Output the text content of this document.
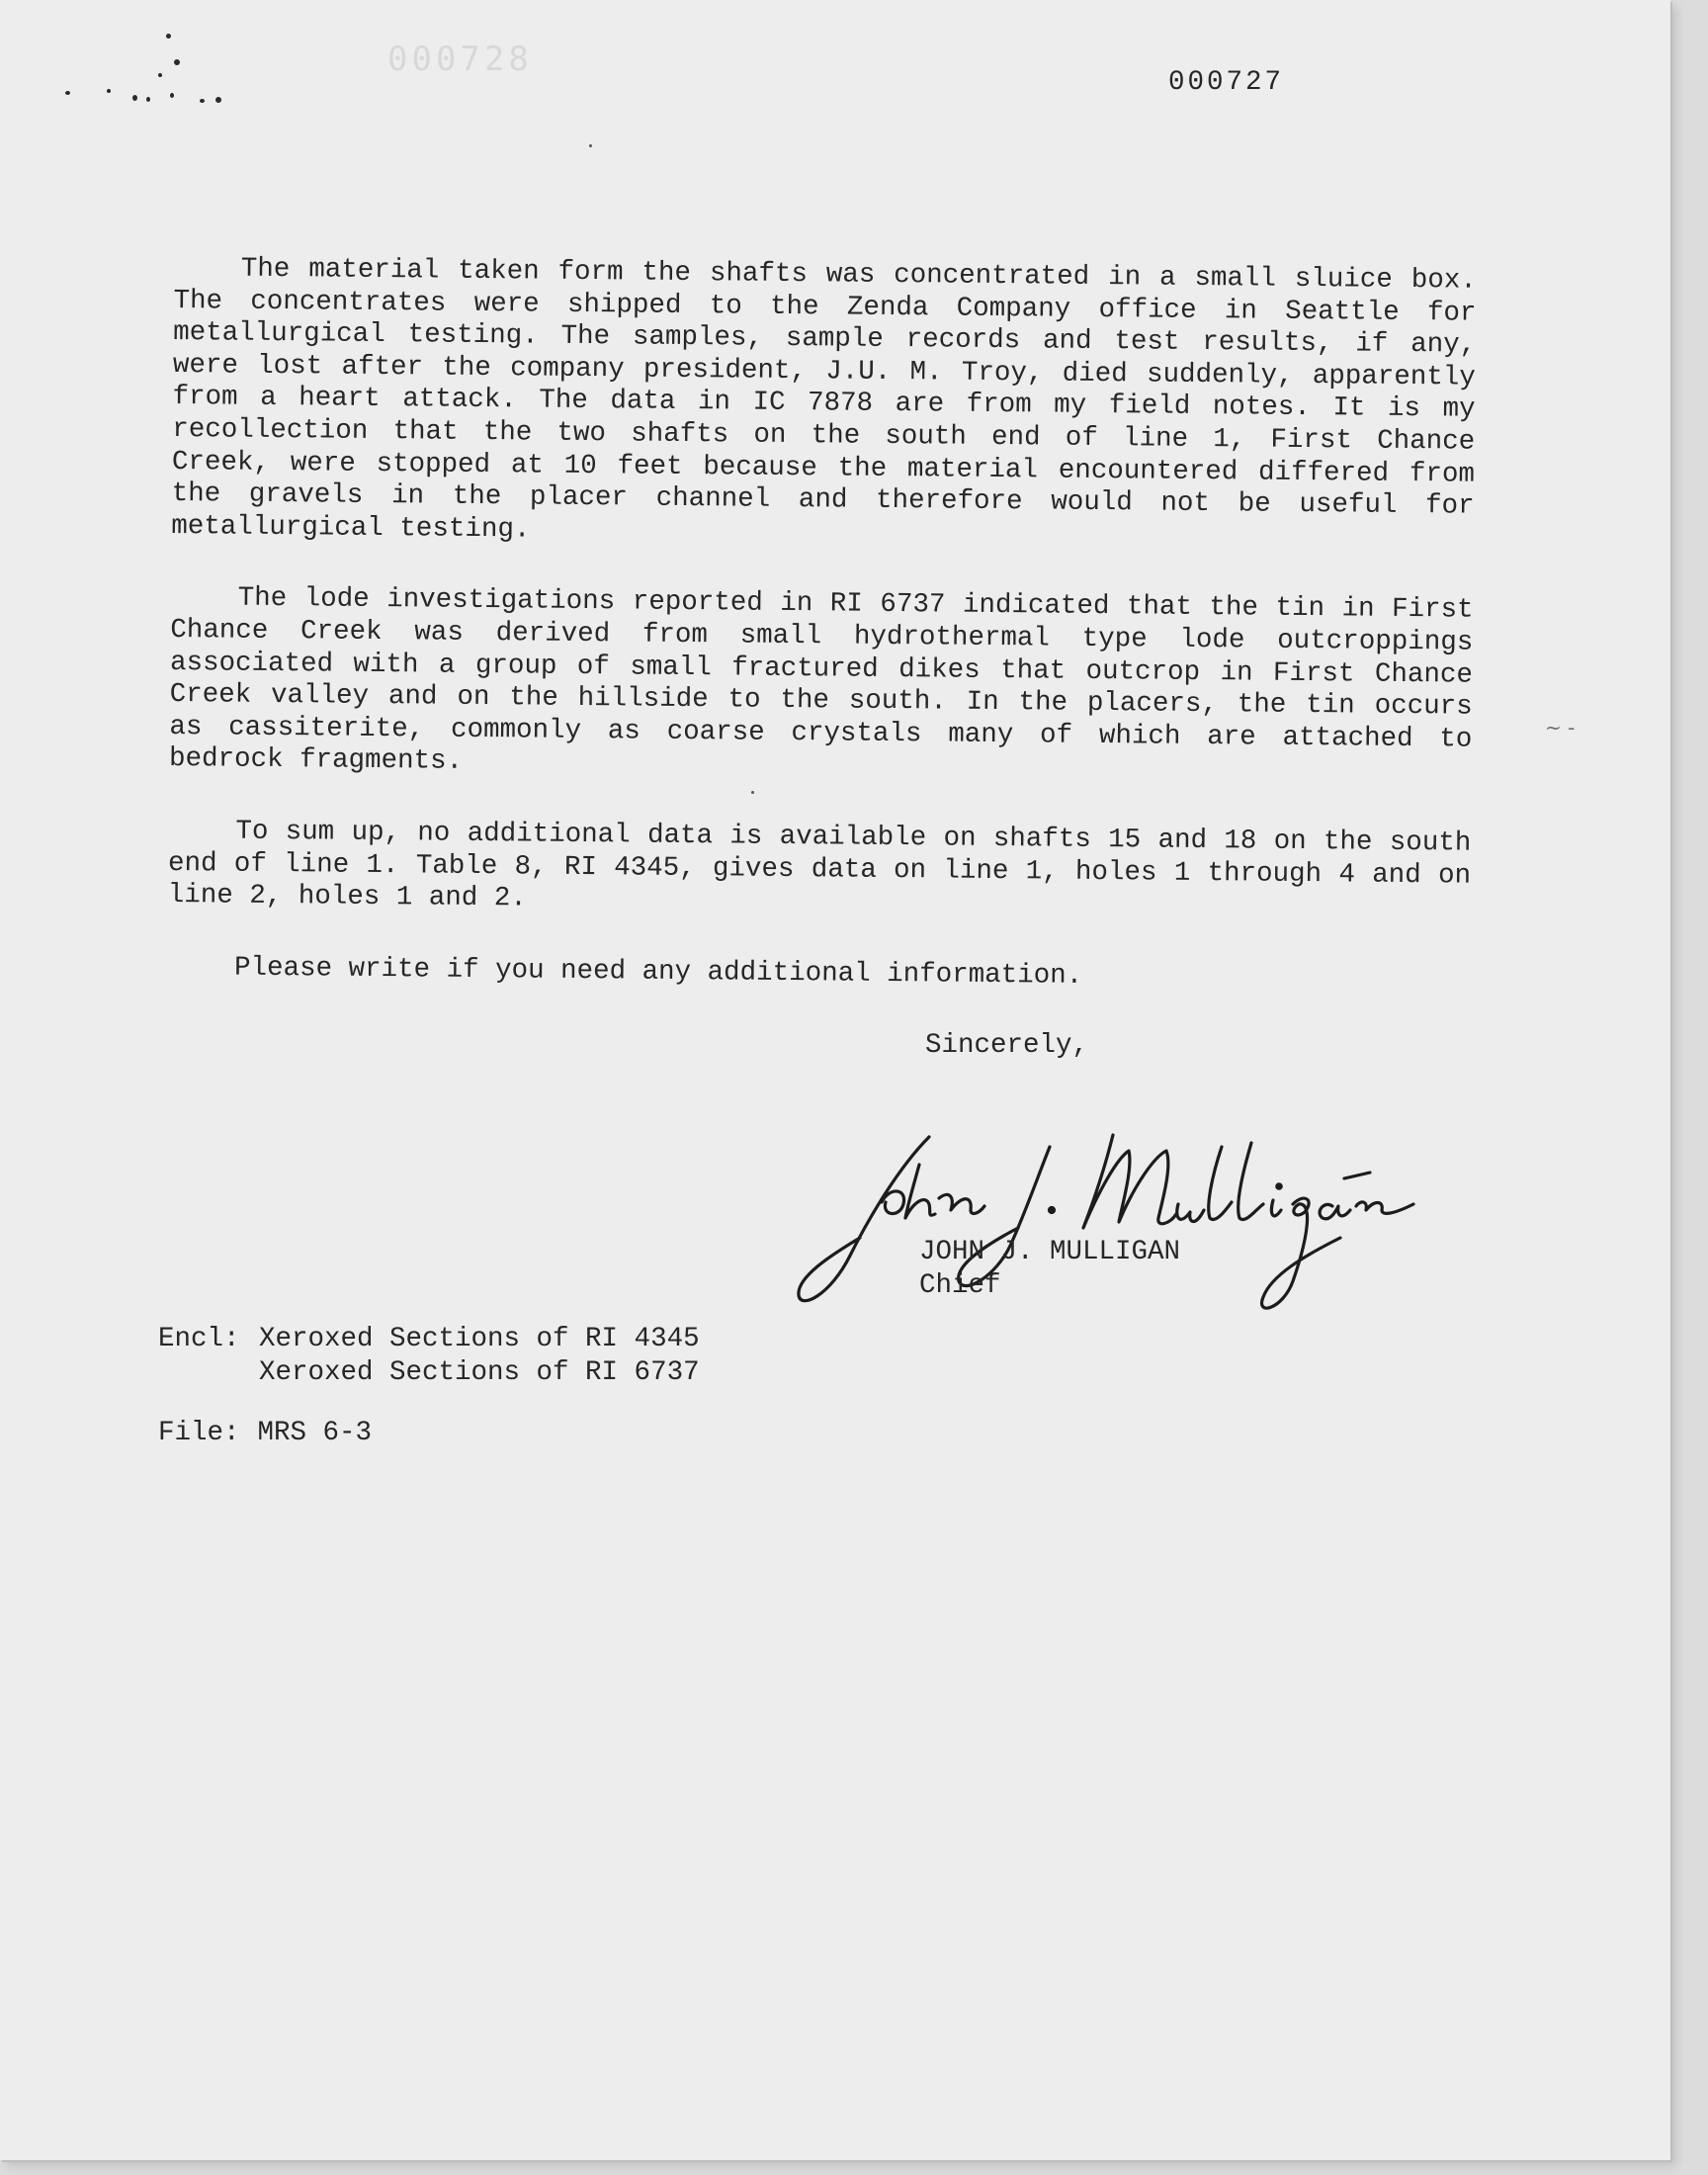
000728
000727

The material taken form the shafts was concentrated in a small sluice box. The concentrates were shipped to the Zenda Company office in Seattle for metallurgical testing. The samples, sample records and test results, if any, were lost after the company president, J.U. M. Troy, died suddenly, apparently from a heart attack. The data in IC 7878 are from my field notes. It is my recollection that the two shafts on the south end of line 1, First Chance Creek, were stopped at 10 feet because the material encountered differed from the gravels in the placer channel and therefore would not be useful for metallurgical testing.

The lode investigations reported in RI 6737 indicated that the tin in First Chance Creek was derived from small hydrothermal type lode outcroppings associated with a group of small fractured dikes that outcrop in First Chance Creek valley and on the hillside to the south. In the placers, the tin occurs as cassiterite, commonly as coarse crystals many of which are attached to bedrock fragments.

To sum up, no additional data is available on shafts 15 and 18 on the south end of line 1. Table 8, RI 4345, gives data on line 1, holes 1 through 4 and on line 2, holes 1 and 2.

Please write if you need any additional information.

Sincerely,

JOHN J. MULLIGAN
Chief
Encl: Xeroxed Sections of RI 4345
Xeroxed Sections of RI 6737
File: MRS 6-3
~ -
